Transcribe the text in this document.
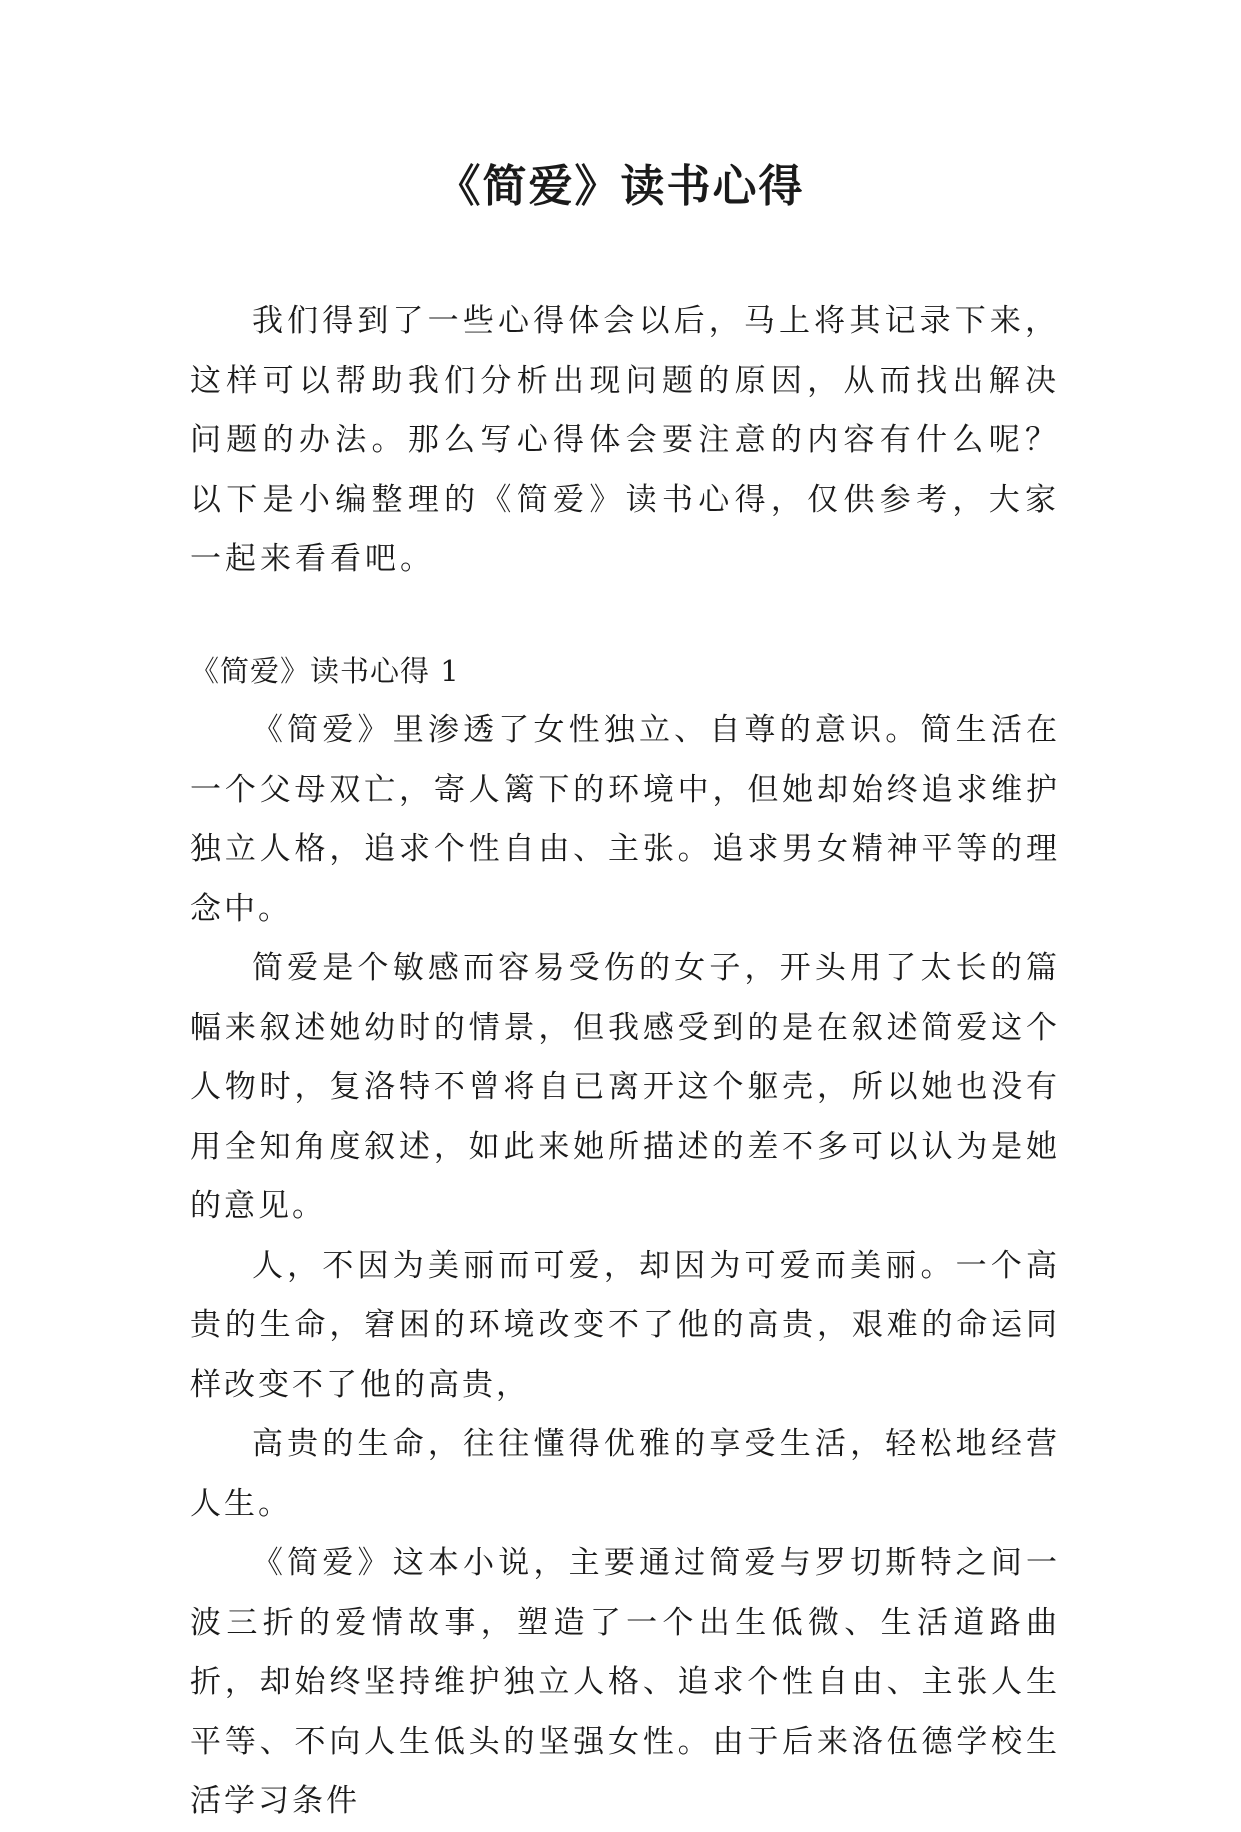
《简爱》读书心得

我们得到了一些心得体会以后，马上将其记录下来，这样可以帮助我们分析出现问题的原因，从而找出解决问题的办法。那么写心得体会要注意的内容有什么呢？以下是小编整理的《简爱》读书心得，仅供参考，大家一起来看看吧。

《简爱》读书心得 1

《简爱》里渗透了女性独立、自尊的意识。简生活在一个父母双亡，寄人篱下的环境中，但她却始终追求维护独立人格，追求个性自由、主张。追求男女精神平等的理念中。

简爱是个敏感而容易受伤的女子，开头用了太长的篇幅来叙述她幼时的情景，但我感受到的是在叙述简爱这个人物时，复洛特不曾将自已离开这个躯壳，所以她也没有用全知角度叙述，如此来她所描述的差不多可以认为是她的意见。

人，不因为美丽而可爱，却因为可爱而美丽。一个高贵的生命，窘困的环境改变不了他的高贵，艰难的命运同样改变不了他的高贵，

高贵的生命，往往懂得优雅的享受生活，轻松地经营人生。

《简爱》这本小说，主要通过简爱与罗切斯特之间一波三折的爱情故事，塑造了一个出生低微、生活道路曲折，却始终坚持维护独立人格、追求个性自由、主张人生平等、不向人生低头的坚强女性。由于后来洛伍德学校生活学习条件
